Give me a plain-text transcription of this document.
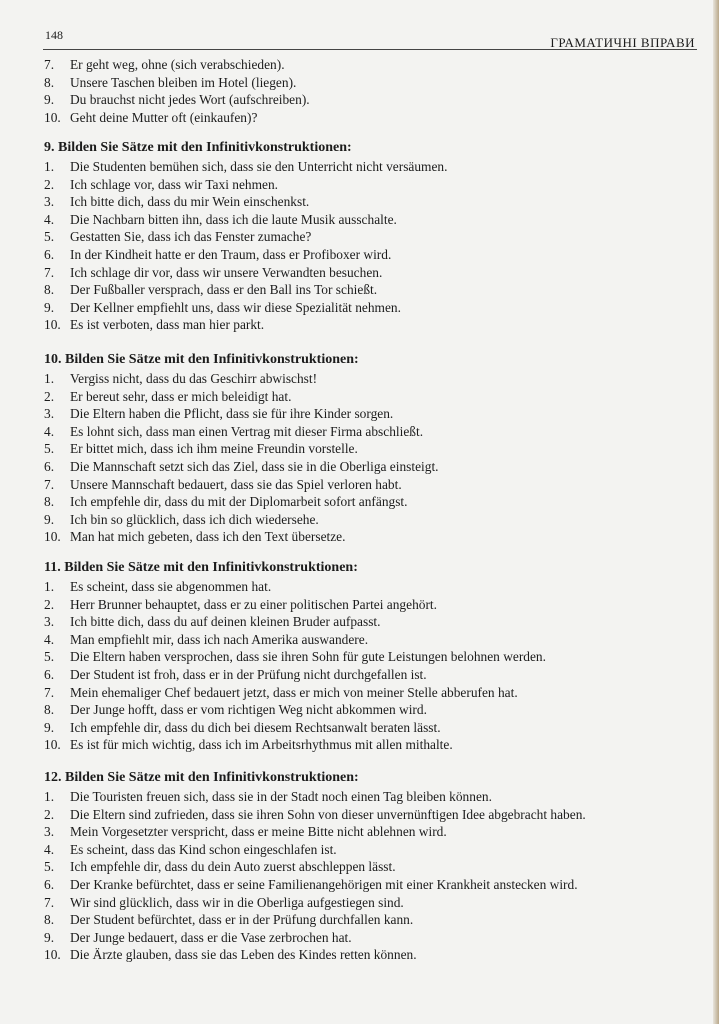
148	ГРАМАТИЧНІ ВПРАВИ
7. Er geht weg, ohne (sich verabschieden).
8. Unsere Taschen bleiben im Hotel (liegen).
9. Du brauchst nicht jedes Wort (aufschreiben).
10. Geht deine Mutter oft (einkaufen)?
9. Bilden Sie Sätze mit den Infinitivkonstruktionen:
1. Die Studenten bemühen sich, dass sie den Unterricht nicht versäumen.
2. Ich schlage vor, dass wir Taxi nehmen.
3. Ich bitte dich, dass du mir Wein einschenkst.
4. Die Nachbarn bitten ihn, dass ich die laute Musik ausschalte.
5. Gestatten Sie, dass ich das Fenster zumache?
6. In der Kindheit hatte er den Traum, dass er Profiboxer wird.
7. Ich schlage dir vor, dass wir unsere Verwandten besuchen.
8. Der Fußballer versprach, dass er den Ball ins Tor schießt.
9. Der Kellner empfiehlt uns, dass wir diese Spezialität nehmen.
10. Es ist verboten, dass man hier parkt.
10. Bilden Sie Sätze mit den Infinitivkonstruktionen:
1. Vergiss nicht, dass du das Geschirr abwischst!
2. Er bereut sehr, dass er mich beleidigt hat.
3. Die Eltern haben die Pflicht, dass sie für ihre Kinder sorgen.
4. Es lohnt sich, dass man einen Vertrag mit dieser Firma abschließt.
5. Er bittet mich, dass ich ihm meine Freundin vorstelle.
6. Die Mannschaft setzt sich das Ziel, dass sie in die Oberliga einsteigt.
7. Unsere Mannschaft bedauert, dass sie das Spiel verloren habt.
8. Ich empfehle dir, dass du mit der Diplomarbeit sofort anfängst.
9. Ich bin so glücklich, dass ich dich wiedersehe.
10. Man hat mich gebeten, dass ich den Text übersetze.
11. Bilden Sie Sätze mit den Infinitivkonstruktionen:
1. Es scheint, dass sie abgenommen hat.
2. Herr Brunner behauptet, dass er zu einer politischen Partei angehört.
3. Ich bitte dich, dass du auf deinen kleinen Bruder aufpasst.
4. Man empfiehlt mir, dass ich nach Amerika auswandere.
5. Die Eltern haben versprochen, dass sie ihren Sohn für gute Leistungen belohnen werden.
6. Der Student ist froh, dass er in der Prüfung nicht durchgefallen ist.
7. Mein ehemaliger Chef bedauert jetzt, dass er mich von meiner Stelle abberufen hat.
8. Der Junge hofft, dass er vom richtigen Weg nicht abkommen wird.
9. Ich empfehle dir, dass du dich bei diesem Rechtsanwalt beraten lässt.
10. Es ist für mich wichtig, dass ich im Arbeitsrhythmus mit allen mithalte.
12. Bilden Sie Sätze mit den Infinitivkonstruktionen:
1. Die Touristen freuen sich, dass sie in der Stadt noch einen Tag bleiben können.
2. Die Eltern sind zufrieden, dass sie ihren Sohn von dieser unvernünftigen Idee abgebracht haben.
3. Mein Vorgesetzter verspricht, dass er meine Bitte nicht ablehnen wird.
4. Es scheint, dass das Kind schon eingeschlafen ist.
5. Ich empfehle dir, dass du dein Auto zuerst abschleppen lässt.
6. Der Kranke befürchtet, dass er seine Familienangehörigen mit einer Krankheit anstecken wird.
7. Wir sind glücklich, dass wir in die Oberliga aufgestiegen sind.
8. Der Student befürchtet, dass er in der Prüfung durchfallen kann.
9. Der Junge bedauert, dass er die Vase zerbrochen hat.
10. Die Ärzte glauben, dass sie das Leben des Kindes retten können.
